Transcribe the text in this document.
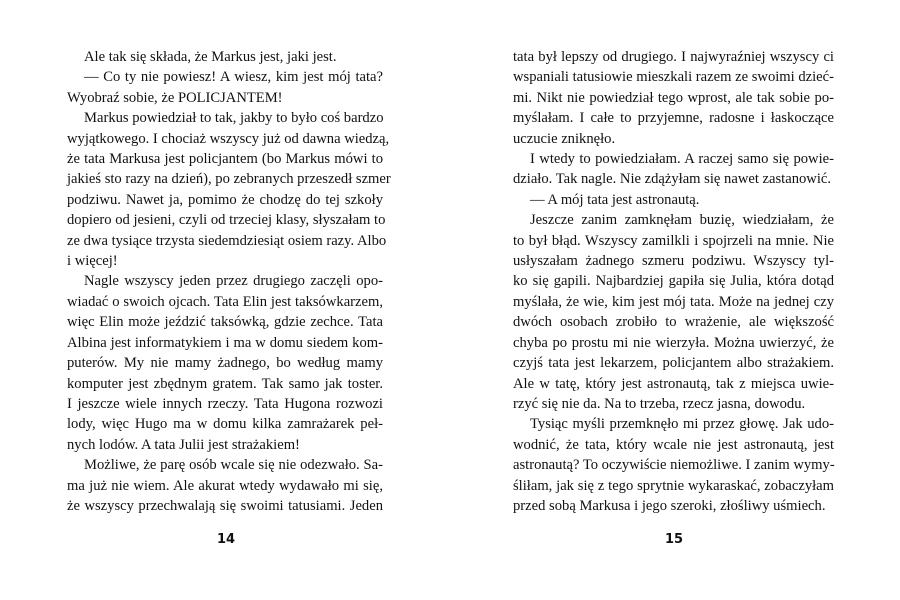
Ale tak się składa, że Markus jest, jaki jest.
— Co ty nie powiesz! A wiesz, kim jest mój tata?
Wyobraź sobie, że POLICJANTEM!
Markus powiedział to tak, jakby to było coś bardzo
wyjątkowego. I chociaż wszyscy już od dawna wiedzą,
że tata Markusa jest policjantem (bo Markus mówi to
jakieś sto razy na dzień), po zebranych przeszedł szmer
podziwu. Nawet ja, pomimo że chodzę do tej szkoły
dopiero od jesieni, czyli od trzeciej klasy, słyszałam to
ze dwa tysiące trzysta siedemdziesiąt osiem razy. Albo
i więcej!
Nagle wszyscy jeden przez drugiego zaczęli opo-
wiadać o swoich ojcach. Tata Elin jest taksówkarzem,
więc Elin może jeździć taksówką, gdzie zechce. Tata
Albina jest informatykiem i ma w domu siedem kom-
puterów. My nie mamy żadnego, bo według mamy
komputer jest zbędnym gratem. Tak samo jak toster.
I jeszcze wiele innych rzeczy. Tata Hugona rozwozi
lody, więc Hugo ma w domu kilka zamrażarek peł-
nych lodów. A tata Julii jest strażakiem!
Możliwe, że parę osób wcale się nie odezwało. Sa-
ma już nie wiem. Ale akurat wtedy wydawało mi się,
że wszyscy przechwalają się swoimi tatusiami. Jeden
14
tata był lepszy od drugiego. I najwyraźniej wszyscy ci
wspaniali tatusiowie mieszkali razem ze swoimi dzieć-
mi. Nikt nie powiedział tego wprost, ale tak sobie po-
myślałam. I całe to przyjemne, radosne i łaskoczące
uczucie zniknęło.
I wtedy to powiedziałam. A raczej samo się powie-
działo. Tak nagle. Nie zdążyłam się nawet zastanowić.
— A mój tata jest astronautą.
Jeszcze zanim zamknęłam buzię, wiedziałam, że
to był błąd. Wszyscy zamilkli i spojrzeli na mnie. Nie
usłyszałam żadnego szmeru podziwu. Wszyscy tyl-
ko się gapili. Najbardziej gapiła się Julia, która dotąd
myślała, że wie, kim jest mój tata. Może na jednej czy
dwóch osobach zrobiło to wrażenie, ale większość
chyba po prostu mi nie wierzyła. Można uwierzyć, że
czyjś tata jest lekarzem, policjantem albo strażakiem.
Ale w tatę, który jest astronautą, tak z miejsca uwie-
rzyć się nie da. Na to trzeba, rzecz jasna, dowodu.
Tysiąc myśli przemknęło mi przez głowę. Jak udo-
wodnić, że tata, który wcale nie jest astronautą, jest
astronautą? To oczywiście niemożliwe. I zanim wymy-
śliłam, jak się z tego sprytnie wykaraskać, zobaczyłam
przed sobą Markusa i jego szeroki, złośliwy uśmiech.
15
